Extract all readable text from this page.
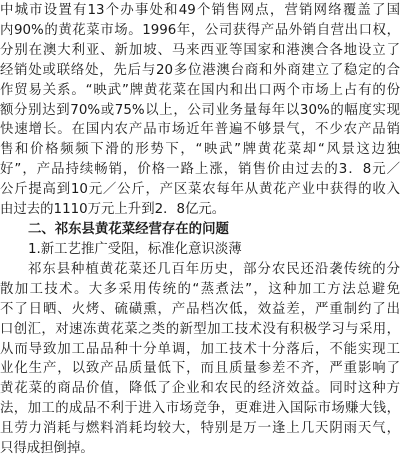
中城市设置有13个办事处和49个销售网点，营销网络覆盖了国
内90%的黄花菜市场。1996年，公司获得产品外销自营出口权，
分别在澳大利亚、新加坡、马来西亚等国家和港澳合各地设立了
经销处或联络处，先后与20多位港澳台商和外商建立了稳定的合
作贸易关系。“映武”牌黄花菜在国内和出口两个市场上占有的份
额分别达到70%或75%以上，公司业务量每年以30%的幅度实现
快速增长。在国内农产品市场近年普遍不够景气，不少农产品销
售和价格频频下滑的形势下，“映武”牌黄花菜却“风景这边独
好”，产品持续畅销，价格一路上涨，销售价由过去的3．8元／
公斤提高到10元／公斤，产区菜农每年从黄花产业中获得的收入
由过去的1110万元上升到2．8亿元。
二、祁东县黄花菜经营存在的问题
1.新工艺推广受阻，标准化意识淡薄
祁东县种植黄花菜还几百年历史，部分农民还沿袭传统的分
散加工技术。大多采用传统的“蒸煮法”，这种加工方法总避免
不了日晒、火烤、硫磺熏，产品档次低，效益差，严重制约了出
口创汇，对速冻黄花菜之类的新型加工技术没有积极学习与采用，
从而导致加工品品种十分单调，加工技术十分落后，不能实现工
业化生产，以致产品质量低下，而且质量参差不齐，严重影响了
黄花菜的商品价值，降低了企业和农民的经济效益。同时这种方
法，加工的成品不利于进入市场竞争，更难进入国际市场赚大钱，
且劳力消耗与燃料消耗均较大，特别是万一逢上几天阴雨天气，
只得成担倒掉。
